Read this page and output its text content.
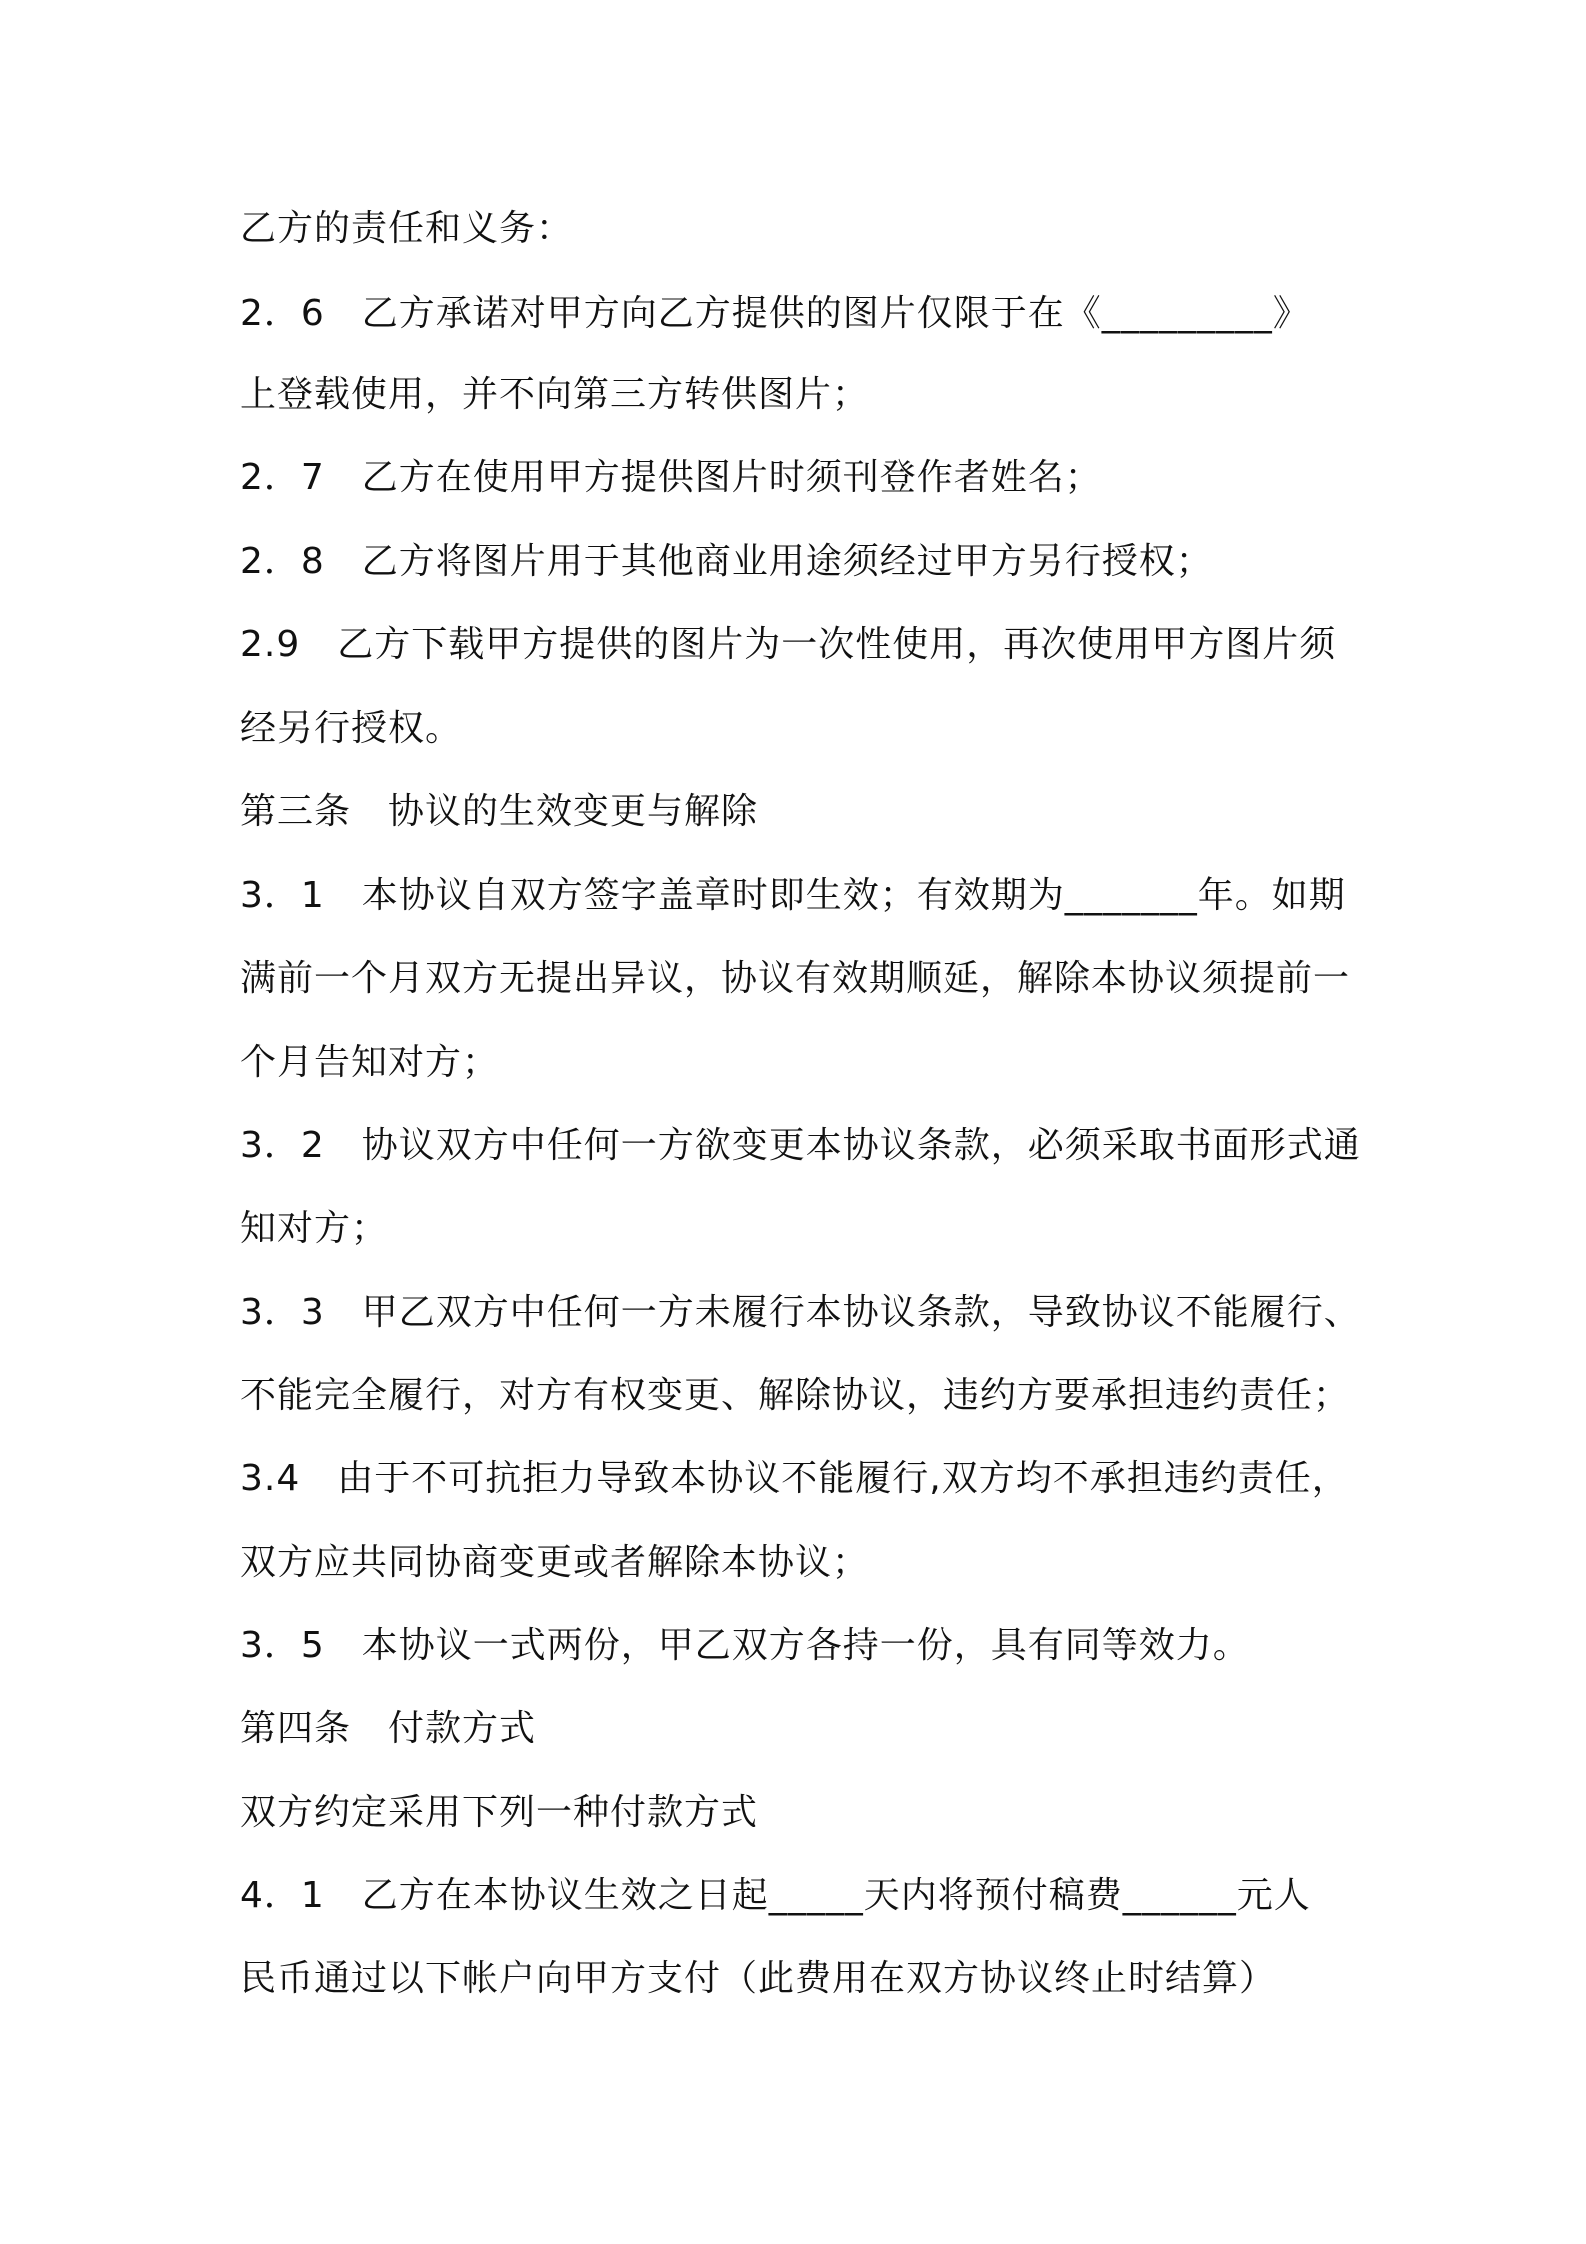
乙方的责任和义务：

2．6　乙方承诺对甲方向乙方提供的图片仅限于在《_________》

上登载使用，并不向第三方转供图片；

2．7　乙方在使用甲方提供图片时须刊登作者姓名；

2．8　乙方将图片用于其他商业用途须经过甲方另行授权；

2.9　乙方下载甲方提供的图片为一次性使用，再次使用甲方图片须

经另行授权。

第三条　协议的生效变更与解除

3．1　本协议自双方签字盖章时即生效；有效期为_______年。如期

满前一个月双方无提出异议，协议有效期顺延，解除本协议须提前一

个月告知对方；

3．2　协议双方中任何一方欲变更本协议条款，必须采取书面形式通

知对方；

3．3　甲乙双方中任何一方未履行本协议条款，导致协议不能履行、

不能完全履行，对方有权变更、解除协议，违约方要承担违约责任；

3.4　由于不可抗拒力导致本协议不能履行,双方均不承担违约责任，

双方应共同协商变更或者解除本协议；

3．5　本协议一式两份，甲乙双方各持一份，具有同等效力。

第四条　付款方式

双方约定采用下列一种付款方式

4．1　乙方在本协议生效之日起_____天内将预付稿费______元人

民币通过以下帐户向甲方支付（此费用在双方协议终止时结算）
